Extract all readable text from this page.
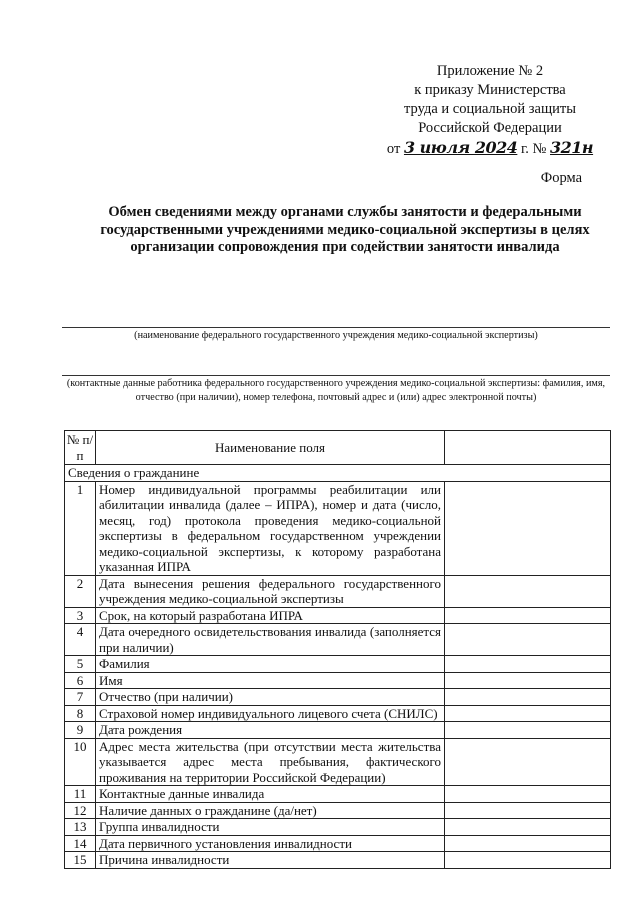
Приложение № 2
к приказу Министерства
труда и социальной защиты
Российской Федерации
от 3 июля 2024 г. № 321н
Форма
Обмен сведениями между органами службы занятости и федеральными государственными учреждениями медико-социальной экспертизы в целях организации сопровождения при содействии занятости инвалида
(наименование федерального государственного учреждения медико-социальной экспертизы)
(контактные данные работника федерального государственного учреждения медико-социальной экспертизы: фамилия, имя, отчество (при наличии), номер телефона, почтовый адрес и (или) адрес электронной почты)
№ п/п	Наименование поля	
Сведения о гражданине		
1	Номер индивидуальной программы реабилитации или абилитации инвалида (далее – ИПРА), номер и дата (число, месяц, год) протокола проведения медико-социальной экспертизы в федеральном государственном учреждении медико-социальной экспертизы, к которому разработана указанная ИПРА	
2	Дата вынесения решения федерального государственного учреждения медико-социальной экспертизы	
3	Срок, на который разработана ИПРА	
4	Дата очередного освидетельствования инвалида (заполняется при наличии)	
5	Фамилия	
6	Имя	
7	Отчество (при наличии)	
8	Страховой номер индивидуального лицевого счета (СНИЛС)	
9	Дата рождения	
10	Адрес места жительства (при отсутствии места жительства указывается адрес места пребывания, фактического проживания на территории Российской Федерации)	
11	Контактные данные инвалида	
12	Наличие данных о гражданине (да/нет)	
13	Группа инвалидности	
14	Дата первичного установления инвалидности	
15	Причина инвалидности	
